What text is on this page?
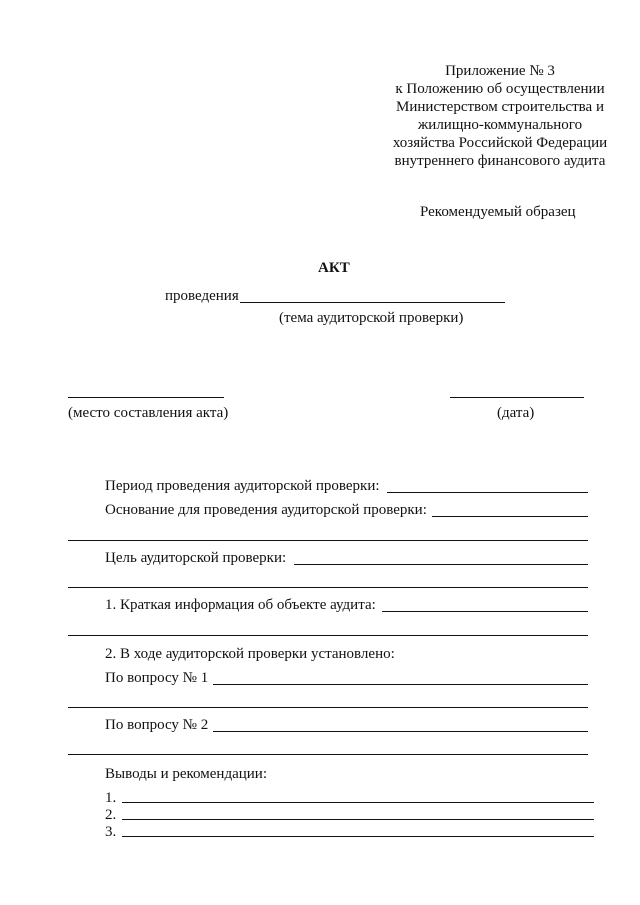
Приложение № 3
к Положению об осуществлении
Министерством строительства и
жилищно-коммунального
хозяйства Российской Федерации
внутреннего финансового аудита
Рекомендуемый образец
АКТ
проведения
(тема аудиторской проверки)
(место составления акта)	(дата)
Период проведения аудиторской проверки:
Основание для проведения аудиторской проверки:
Цель аудиторской проверки:
1. Краткая информация об объекте аудита:
2. В ходе аудиторской проверки установлено:
По вопросу № 1
По вопросу № 2
Выводы и рекомендации:
1.
2.
3.
